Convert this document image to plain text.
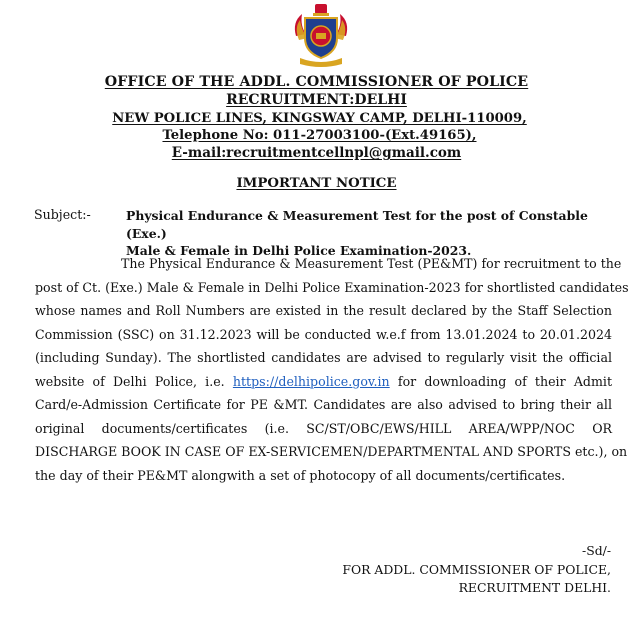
OFFICE OF THE ADDL. COMMISSIONER OF POLICE
RECRUITMENT:DELHI
NEW POLICE LINES, KINGSWAY CAMP, DELHI-110009,
Telephone No: 011-27003100-(Ext.49165),
E-mail:recruitmentcellnpl@gmail.com
IMPORTANT NOTICE
Subject:-	Physical Endurance & Measurement Test for the post of Constable (Exe.)
Male & Female in Delhi Police Examination-2023.
The Physical Endurance & Measurement Test (PE&MT) for recruitment to the
post of Ct. (Exe.) Male & Female in Delhi Police Examination-2023 for shortlisted candidates
whose names and Roll Numbers are existed in the result declared by the Staff Selection
Commission (SSC) on 31.12.2023 will be conducted w.e.f from 13.01.2024 to 20.01.2024
(including Sunday). The shortlisted candidates are advised to regularly visit the official
website of Delhi Police, i.e. https://delhipolice.gov.in for downloading of their Admit
Card/e-Admission Certificate for PE &MT. Candidates are also advised to bring their all
original documents/certificates (i.e. SC/ST/OBC/EWS/HILL AREA/WPP/NOC OR
DISCHARGE BOOK IN CASE OF EX-SERVICEMEN/DEPARTMENTAL AND SPORTS etc.), on
the day of their PE&MT alongwith a set of photocopy of all documents/certificates.
-Sd/-
FOR ADDL. COMMISSIONER OF POLICE,
RECRUITMENT DELHI.
